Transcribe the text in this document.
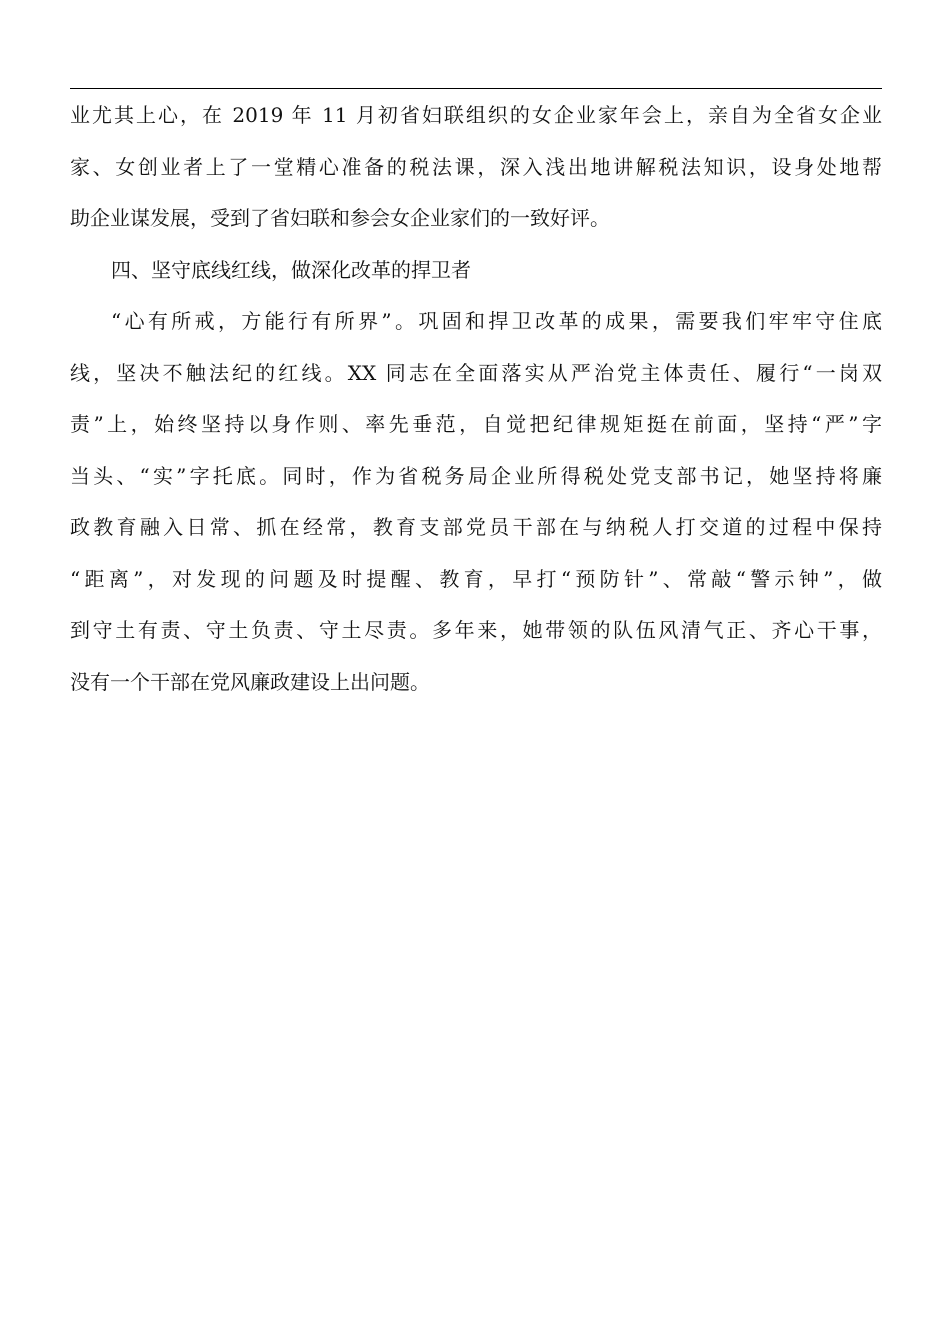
业尤其上心，在 2019 年 11 月初省妇联组织的女企业家年会上，亲自为全省女企业
家、女创业者上了一堂精心准备的税法课，深入浅出地讲解税法知识，设身处地帮
助企业谋发展，受到了省妇联和参会女企业家们的一致好评。
四、坚守底线红线，做深化改革的捍卫者
“心有所戒，方能行有所界”。巩固和捍卫改革的成果，需要我们牢牢守住底
线，坚决不触法纪的红线。XX 同志在全面落实从严治党主体责任、履行“一岗双
责”上，始终坚持以身作则、率先垂范，自觉把纪律规矩挺在前面，坚持“严”字
当头、“实”字托底。同时，作为省税务局企业所得税处党支部书记，她坚持将廉
政教育融入日常、抓在经常，教育支部党员干部在与纳税人打交道的过程中保持
“距离”，对发现的问题及时提醒、教育，早打“预防针”、常敲“警示钟”，做
到守土有责、守土负责、守土尽责。多年来，她带领的队伍风清气正、齐心干事，
没有一个干部在党风廉政建设上出问题。
